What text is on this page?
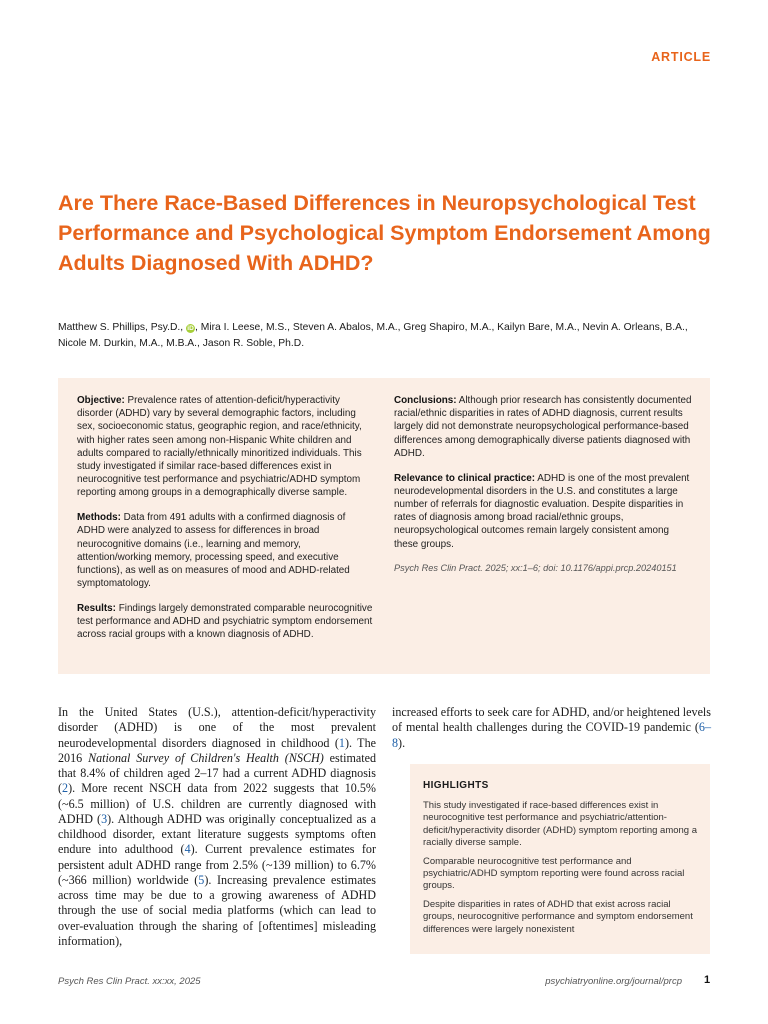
ARTICLE
Are There Race-Based Differences in Neuropsychological Test Performance and Psychological Symptom Endorsement Among Adults Diagnosed With ADHD?

Matthew S. Phillips, Psy.D., iD, Mira I. Leese, M.S., Steven A. Abalos, M.A., Greg Shapiro, M.A., Kailyn Bare, M.A., Nevin A. Orleans, B.A., Nicole M. Durkin, M.A., M.B.A., Jason R. Soble, Ph.D.

Objective: Prevalence rates of attention-deficit/hyperactivity disorder (ADHD) vary by several demographic factors, including sex, socioeconomic status, geographic region, and race/ethnicity, with higher rates seen among non-Hispanic White children and adults compared to racially/ethnically minoritized individuals. This study investigated if similar race-based differences exist in neurocognitive test performance and psychiatric/ADHD symptom reporting among groups in a demographically diverse sample.

Methods: Data from 491 adults with a confirmed diagnosis of ADHD were analyzed to assess for differences in broad neurocognitive domains (i.e., learning and memory, attention/working memory, processing speed, and executive functions), as well as on measures of mood and ADHD-related symptomatology.

Results: Findings largely demonstrated comparable neurocognitive test performance and ADHD and psychiatric symptom endorsement across racial groups with a known diagnosis of ADHD.

Conclusions: Although prior research has consistently documented racial/ethnic disparities in rates of ADHD diagnosis, current results largely did not demonstrate neuropsychological performance-based differences among demographically diverse patients diagnosed with ADHD.

Relevance to clinical practice: ADHD is one of the most prevalent neurodevelopmental disorders in the U.S. and constitutes a large number of referrals for diagnostic evaluation. Despite disparities in rates of diagnosis among broad racial/ethnic groups, neuropsychological outcomes remain largely consistent among these groups.

Psych Res Clin Pract. 2025; xx:1–6; doi: 10.1176/appi.prcp.20240151

In the United States (U.S.), attention-deficit/hyperactivity disorder (ADHD) is one of the most prevalent neurodevelopmental disorders diagnosed in childhood (1). The 2016 National Survey of Children's Health (NSCH) estimated that 8.4% of children aged 2–17 had a current ADHD diagnosis (2). More recent NSCH data from 2022 suggests that 10.5% (~6.5 million) of U.S. children are currently diagnosed with ADHD (3). Although ADHD was originally conceptualized as a childhood disorder, extant literature suggests symptoms often endure into adulthood (4). Current prevalence estimates for persistent adult ADHD range from 2.5% (~139 million) to 6.7% (~366 million) worldwide (5). Increasing prevalence estimates across time may be due to a growing awareness of ADHD through the use of social media platforms (which can lead to over-evaluation through the sharing of [oftentimes] misleading information),

increased efforts to seek care for ADHD, and/or heightened levels of mental health challenges during the COVID-19 pandemic (6–8).

HIGHLIGHTS

This study investigated if race-based differences exist in neurocognitive test performance and psychiatric/attention-deficit/hyperactivity disorder (ADHD) symptom reporting among a racially diverse sample.

Comparable neurocognitive test performance and psychiatric/ADHD symptom reporting were found across racial groups.

Despite disparities in rates of ADHD that exist across racial groups, neurocognitive performance and symptom endorsement differences were largely nonexistent

Psych Res Clin Pract. xx:xx, 2025	psychiatryonline.org/journal/prcp 1
